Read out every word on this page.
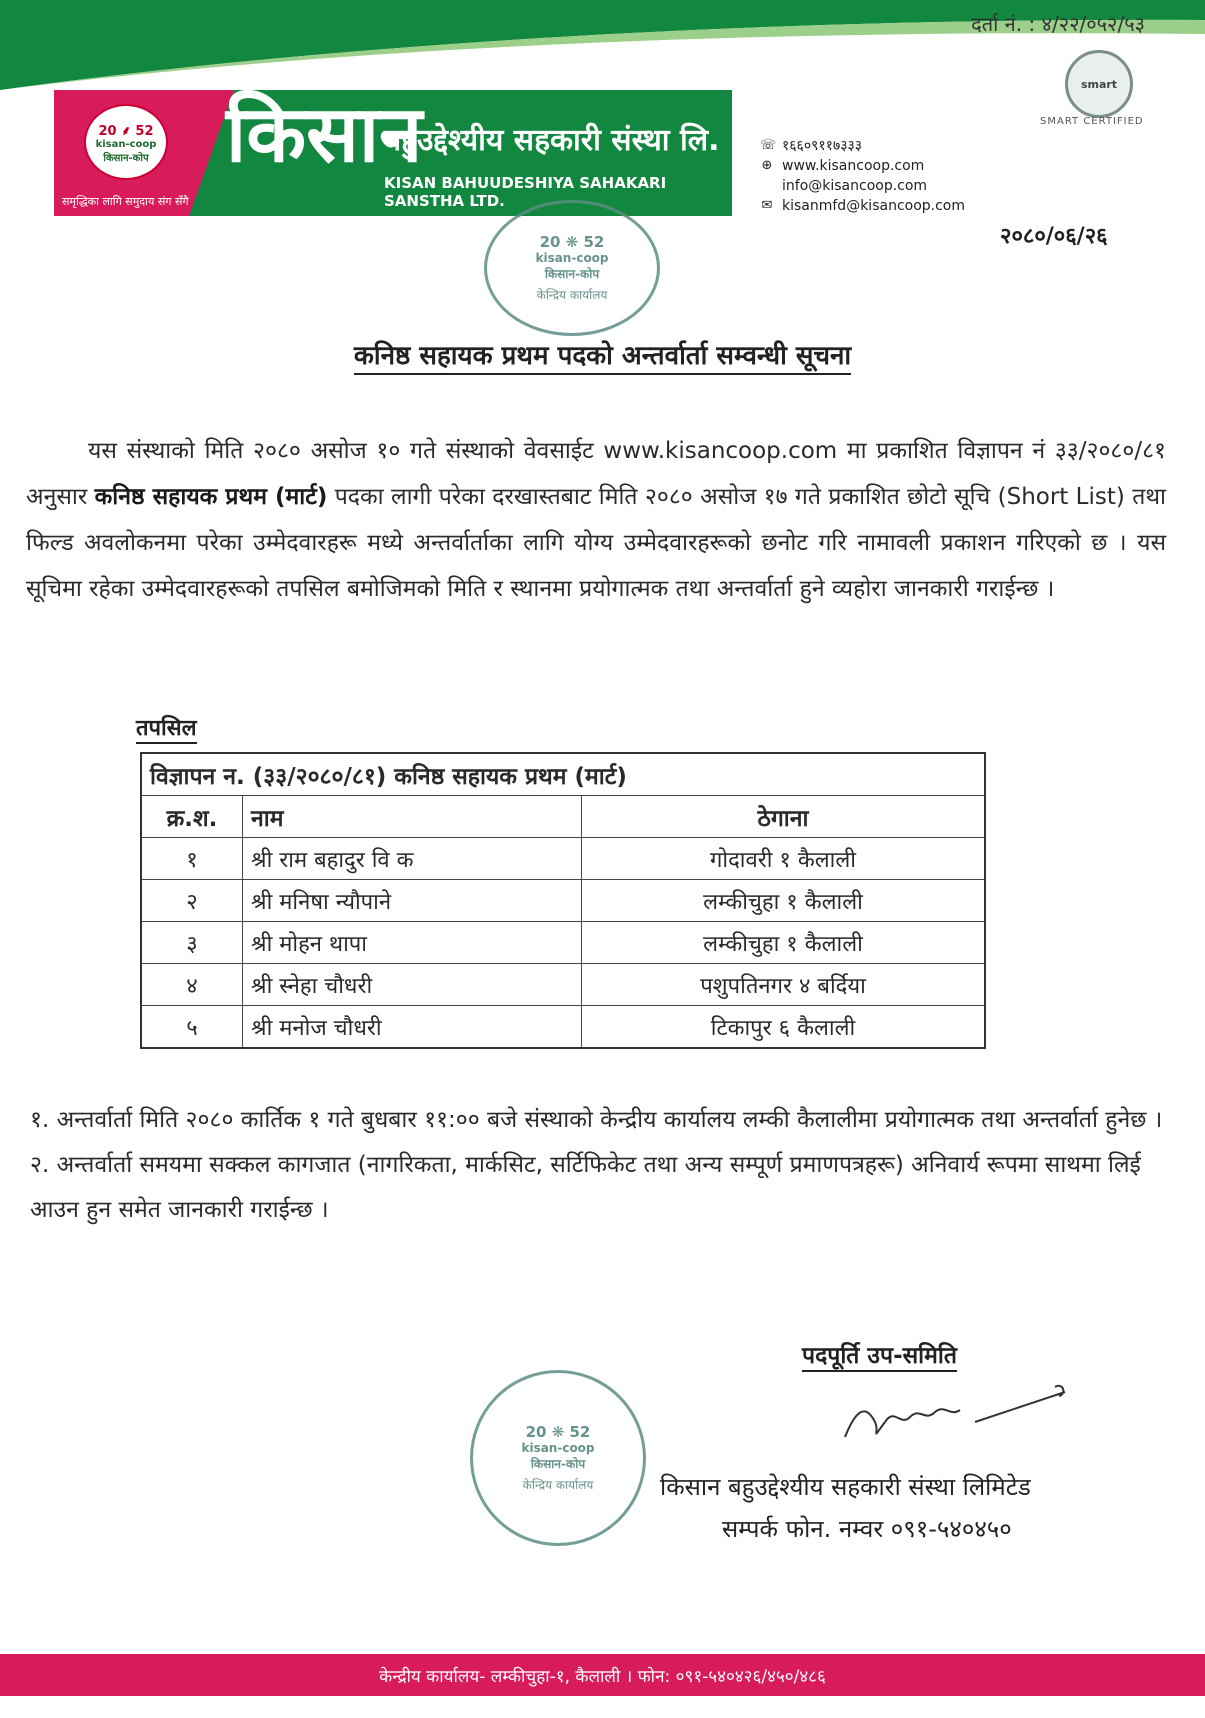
दर्ता नं. : ४/२२/०५२/५३
smart
SMART CERTIFIED
20 ⸙ 52
kisan-coop
किसान-कोप
समृद्धिका लागि समुदाय संग सँगै
किसान
बहुउद्देश्यीय सहकारी संस्था लि.
KISAN BAHUUDESHIYA SAHAKARI SANSTHA LTD.
☏ १६६०९११७३३३
⊕ www.kisancoop.com
info@kisancoop.com
✉ kisanmfd@kisancoop.com
२०८०/०६/२६
20 ❋ 52
kisan-coop
किसान-कोप
केन्द्रिय कार्यालय
कनिष्ठ सहायक प्रथम पदको अन्तर्वार्ता सम्वन्धी सूचना
यस संस्थाको मिति २०८० असोज १० गते संस्थाको वेवसाईट www.kisancoop.com मा प्रकाशित विज्ञापन नं ३३/२०८०/८१ अनुसार कनिष्ठ सहायक प्रथम (मार्ट) पदका लागी परेका दरखास्तबाट मिति २०८० असोज १७ गते प्रकाशित छोटो सूचि (Short List) तथा फिल्ड अवलोकनमा परेका उम्मेदवारहरू मध्ये अन्तर्वार्ताका लागि योग्य उम्मेदवारहरूको छनोट गरि नामावली प्रकाशन गरिएको छ । यस सूचिमा रहेका उम्मेदवारहरूको तपसिल बमोजिमको मिति र स्थानमा प्रयोगात्मक तथा अन्तर्वार्ता हुने व्यहोरा जानकारी गराईन्छ ।
तपसिल
विज्ञापन न. (३३/२०८०/८१) कनिष्ठ सहायक प्रथम (मार्ट)		
क्र.श.	नाम	ठेगाना
१	श्री राम बहादुर वि क	गोदावरी १ कैलाली
२	श्री मनिषा न्यौपाने	लम्कीचुहा १ कैलाली
३	श्री मोहन थापा	लम्कीचुहा १ कैलाली
४	श्री स्नेहा चौधरी	पशुपतिनगर ४ बर्दिया
५	श्री मनोज चौधरी	टिकापुर ६ कैलाली
१. अन्तर्वार्ता मिति २०८० कार्तिक १ गते बुधबार ११:०० बजे संस्थाको केन्द्रीय कार्यालय लम्की कैलालीमा प्रयोगात्मक तथा अन्तर्वार्ता हुनेछ ।
२. अन्तर्वार्ता समयमा सक्कल कागजात (नागरिकता, मार्कसिट, सर्टिफिकेट तथा अन्य सम्पूर्ण प्रमाणपत्रहरू) अनिवार्य रूपमा साथमा लिई आउन हुन समेत जानकारी गराईन्छ ।
पदपूर्ति उप-समिति
20 ❋ 52
kisan-coop
किसान-कोप
केन्द्रिय कार्यालय	किसान बहुउद्देश्यीय सहकारी संस्था लिमिटेड
सम्पर्क फोन. नम्वर ०९१-५४०४५०
केन्द्रीय कार्यालय- लम्कीचुहा-१, कैलाली । फोन: ०९१-५४०४२६/४५०/४८६
